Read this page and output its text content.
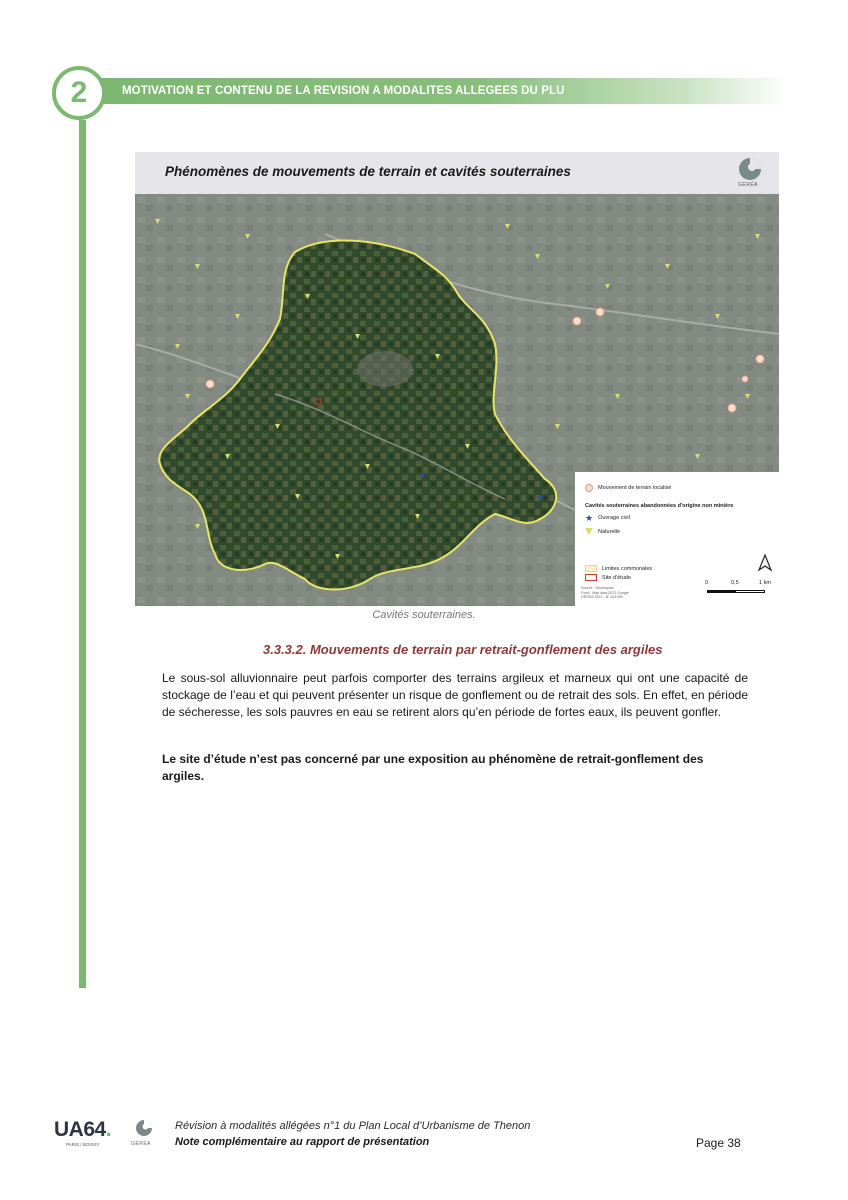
2	MOTIVATION ET CONTENU DE LA REVISION A MODALITES ALLEGEES DU PLU
Phénomènes de mouvements de terrain et cavités souterraines
GÉRÉA
★
★
Mouvement de terrain localisé
Cavités souterraines abandonnées d'origine non minière
★ Ouvrage civil
Naturelle
Limites communales
Site d'étude
Source : Géorisques
Fond : Map data 2021 Google
GÉRÉA 2021 - N° A21099
0	0,5	1 km
Cavités souterraines.
3.3.3.2. Mouvements de terrain par retrait-gonflement des argiles
Le sous-sol alluvionnaire peut parfois comporter des terrains argileux et marneux qui ont une capacité de stockage de l’eau et qui peuvent présenter un risque de gonflement ou de retrait des sols. En effet, en période de sécheresse, les sols pauvres en eau se retirent alors qu’en période de fortes eaux, ils peuvent gonfler.
Le site d’étude n’est pas concerné par une exposition au phénomène de retrait-gonflement des argiles.
UA64.
PARIS | BOISSY	GÉRÉA
Révision à modalités allégées n°1 du Plan Local d’Urbanisme de Thenon
Note complémentaire au rapport de présentation	Page 38
